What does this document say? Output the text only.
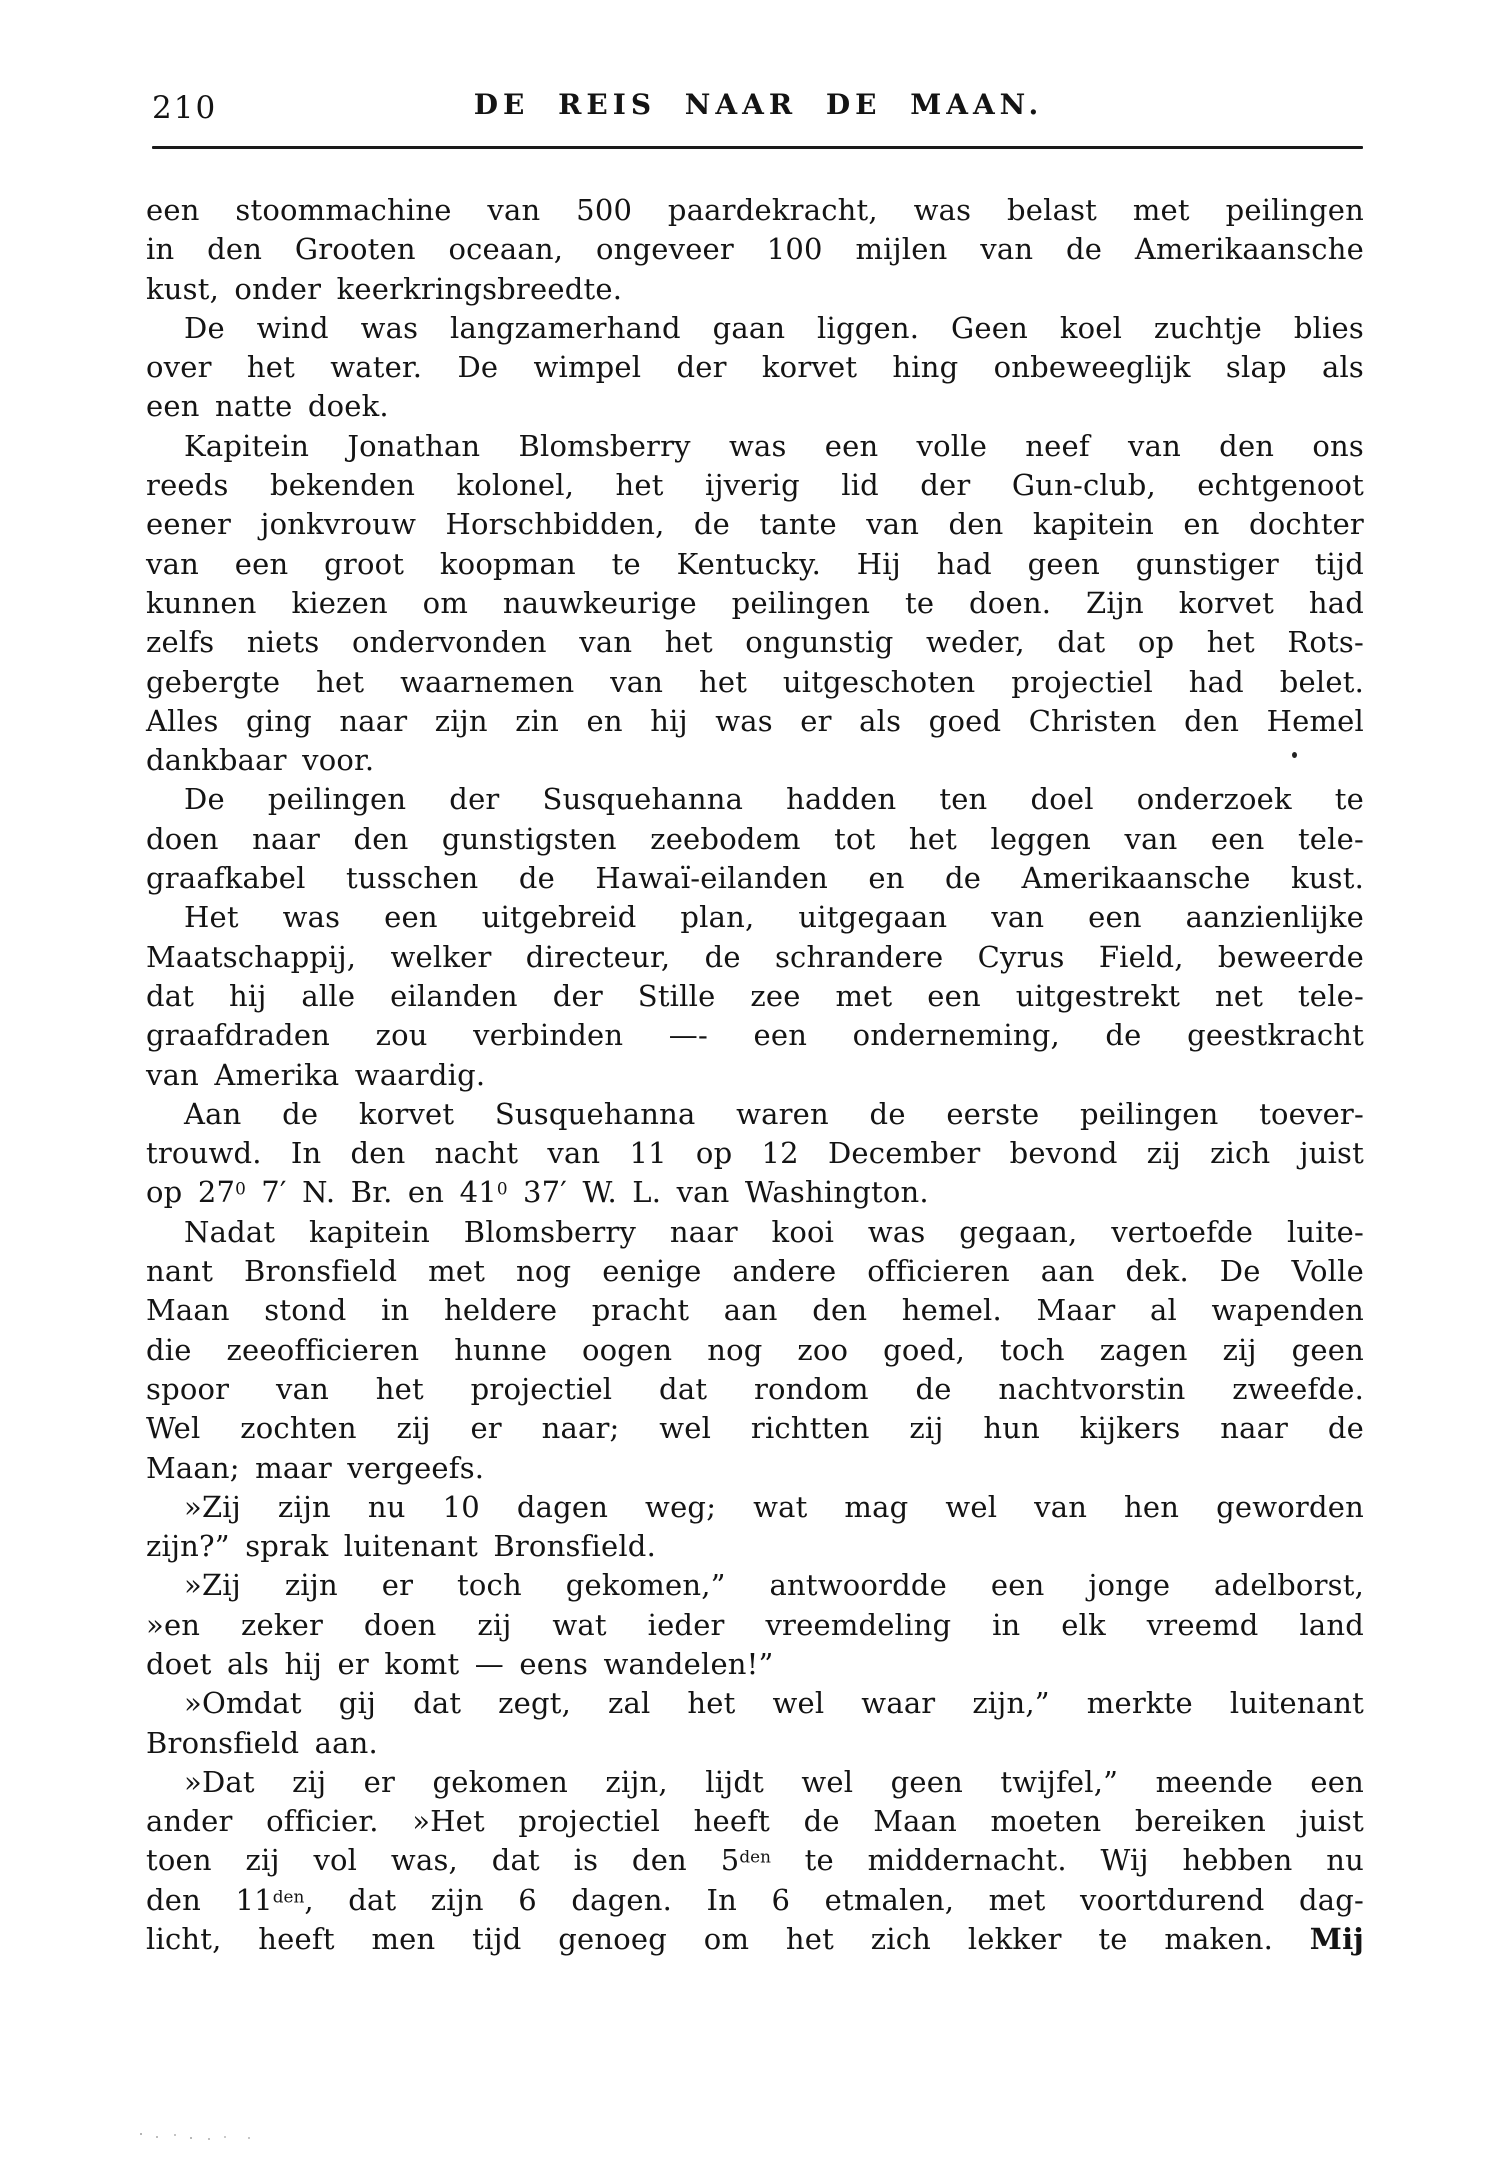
210	DE REIS NAAR DE MAAN.
een stoommachine van 500 paardekracht, was belast met peilingen
in den Grooten oceaan, ongeveer 100 mijlen van de Amerikaansche
kust, onder keerkringsbreedte.
De wind was langzamerhand gaan liggen. Geen koel zuchtje blies
over het water. De wimpel der korvet hing onbeweeglijk slap als
een natte doek.
Kapitein Jonathan Blomsberry was een volle neef van den ons
reeds bekenden kolonel, het ijverig lid der Gun-club, echtgenoot
eener jonkvrouw Horschbidden, de tante van den kapitein en dochter
van een groot koopman te Kentucky. Hij had geen gunstiger tijd
kunnen kiezen om nauwkeurige peilingen te doen. Zijn korvet had
zelfs niets ondervonden van het ongunstig weder, dat op het Rots-
gebergte het waarnemen van het uitgeschoten projectiel had belet.
Alles ging naar zijn zin en hij was er als goed Christen den Hemel
dankbaar voor.
De peilingen der Susquehanna hadden ten doel onderzoek te
doen naar den gunstigsten zeebodem tot het leggen van een tele-
graafkabel tusschen de Hawaï-eilanden en de Amerikaansche kust.
Het was een uitgebreid plan, uitgegaan van een aanzienlijke
Maatschappij, welker directeur, de schrandere Cyrus Field, beweerde
dat hij alle eilanden der Stille zee met een uitgestrekt net tele-
graafdraden zou verbinden —- een onderneming, de geestkracht
van Amerika waardig.
Aan de korvet Susquehanna waren de eerste peilingen toever-
trouwd. In den nacht van 11 op 12 December bevond zij zich juist
op $27^0$ 7′ N. Br. en $41^0$ 37′ W. L. van Washington.
Nadat kapitein Blomsberry naar kooi was gegaan, vertoefde luite-
nant Bronsfield met nog eenige andere officieren aan dek. De Volle
Maan stond in heldere pracht aan den hemel. Maar al wapenden
die zeeofficieren hunne oogen nog zoo goed, toch zagen zij geen
spoor van het projectiel dat rondom de nachtvorstin zweefde.
Wel zochten zij er naar; wel richtten zij hun kijkers naar de
Maan; maar vergeefs.
»Zij zijn nu 10 dagen weg; wat mag wel van hen geworden
zijn?” sprak luitenant Bronsfield.
»Zij zijn er toch gekomen,” antwoordde een jonge adelborst,
»en zeker doen zij wat ieder vreemdeling in elk vreemd land
doet als hij er komt — eens wandelen!”
»Omdat gij dat zegt, zal het wel waar zijn,” merkte luitenant
Bronsfield aan.
»Dat zij er gekomen zijn, lijdt wel geen twijfel,” meende een
ander officier. »Het projectiel heeft de Maan moeten bereiken juist
toen zij vol was, dat is den $5^{den}$ te middernacht. Wij hebben nu
den $11^{den}$, dat zijn 6 dagen. In 6 etmalen, met voortdurend dag-
licht, heeft men tijd genoeg om het zich lekker te maken. Mij
